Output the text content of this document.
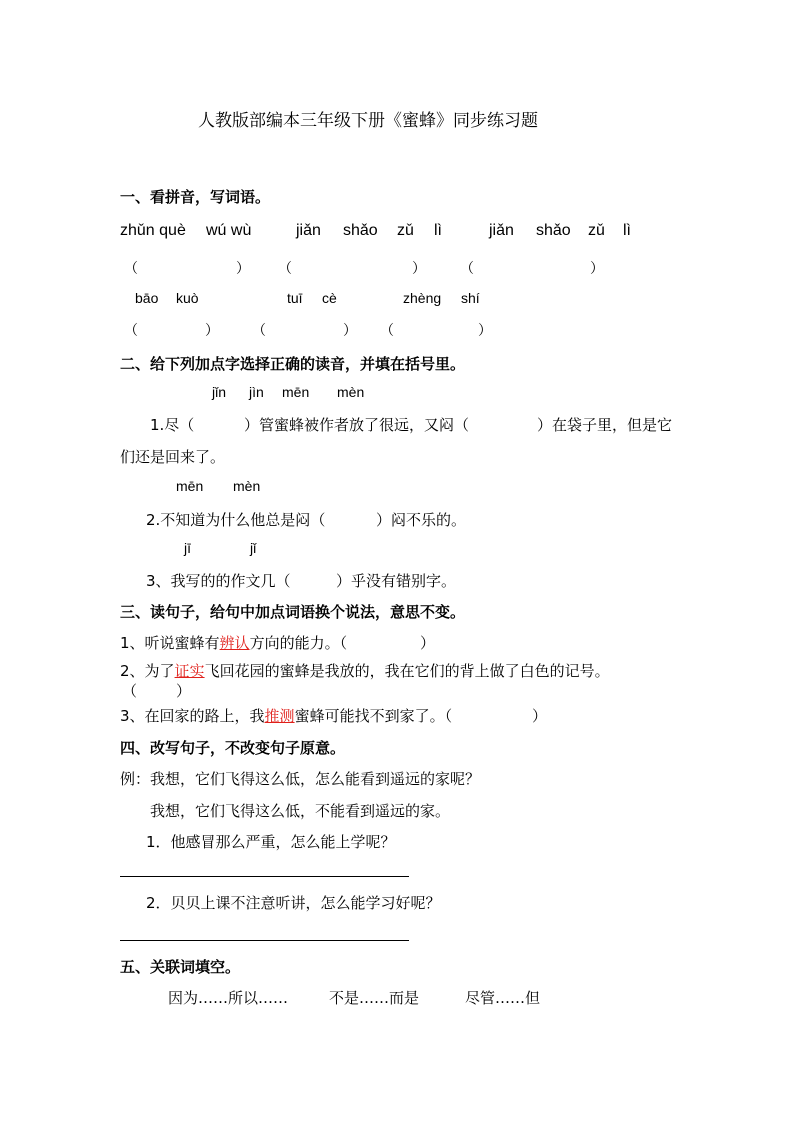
人教版部编本三年级下册《蜜蜂》同步练习题
一、看拼音，写词语。
zhǔn què wú wù	jiǎn shǎo zǔ lì	jiǎn shǎo zǔ lì
（	） （	） （	）
bāo kuò	tuī cè	zhèng shí
（	） （	） （	）
二、给下列加点字选择正确的读音，并填在括号里。
jǐn jìn mēn mèn
1.尽（	）管蜜蜂被作者放了很远，又闷（	）在袋子里，但是它
们还是回来了。
mēn mèn
2.不知道为什么他总是闷（	）闷不乐的。
jī	jǐ
3、我写的的作文几（	）乎没有错别字。
三、读句子，给句中加点词语换个说法，意思不变。
1、听说蜜蜂有辨认方向的能力。（	）
2、为了证实飞回花园的蜜蜂是我放的，我在它们的背上做了白色的记号。
（	）
3、在回家的路上，我推测蜜蜂可能找不到家了。（	）
四、改写句子，不改变句子原意。
例：我想，它们飞得这么低，怎么能看到遥远的家呢？
我想，它们飞得这么低，不能看到遥远的家。
1．他感冒那么严重，怎么能上学呢？
2．贝贝上课不注意听讲，怎么能学习好呢？
五、关联词填空。
因为……所以……	不是……而是	尽管……但
